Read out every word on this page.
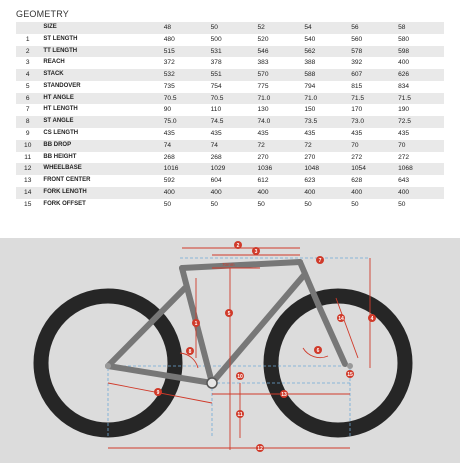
GEOMETRY
	SIZE	48	50	52	54	56	58
1	ST LENGTH	480	500	520	540	560	580
2	TT LENGTH	515	531	546	562	578	598
3	REACH	372	378	383	388	392	400
4	STACK	532	551	570	588	607	626
5	STANDOVER	735	754	775	794	815	834
6	HT ANGLE	70.5	70.5	71.0	71.0	71.5	71.5
7	HT LENGTH	90	110	130	150	170	190
8	ST ANGLE	75.0	74.5	74.0	73.5	73.0	72.5
9	CS LENGTH	435	435	435	435	435	435
10	BB DROP	74	74	72	72	70	70
11	BB HEIGHT	268	268	270	270	272	272
12	WHEELBASE	1016	1029	1036	1048	1054	1068
13	FRONT CENTER	592	604	612	623	628	643
14	FORK LENGTH	400	400	400	400	400	400
15	FORK OFFSET	50	50	50	50	50	50
1
2
3
4
5
6
7
8
9
10
11
12
13
14
15
70mm
